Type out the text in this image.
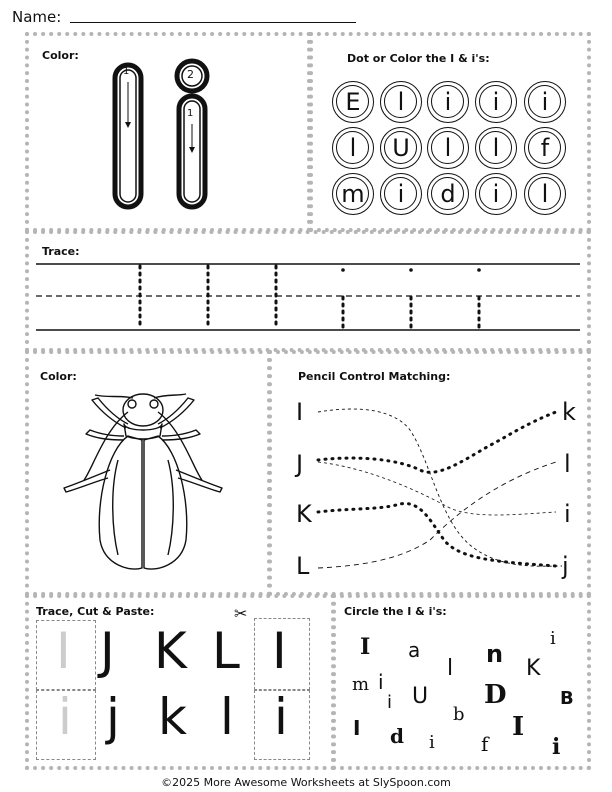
Name:
Color:	Dot or Color the I & i's:
Trace:
Color:	Pencil Control Matching:
Trace, Cut & Paste:	Circle the I & i's:
1	2
1	E l i i i
l U l l f
m i d i l
I
J
K
L
k
l
i
j
I
i
J K L
j k l
I
i
✂
I a	i
n
m i
l	K
i U D	B
b I
d i f
I
i
©2025 More Awesome Worksheets at SlySpoon.com
